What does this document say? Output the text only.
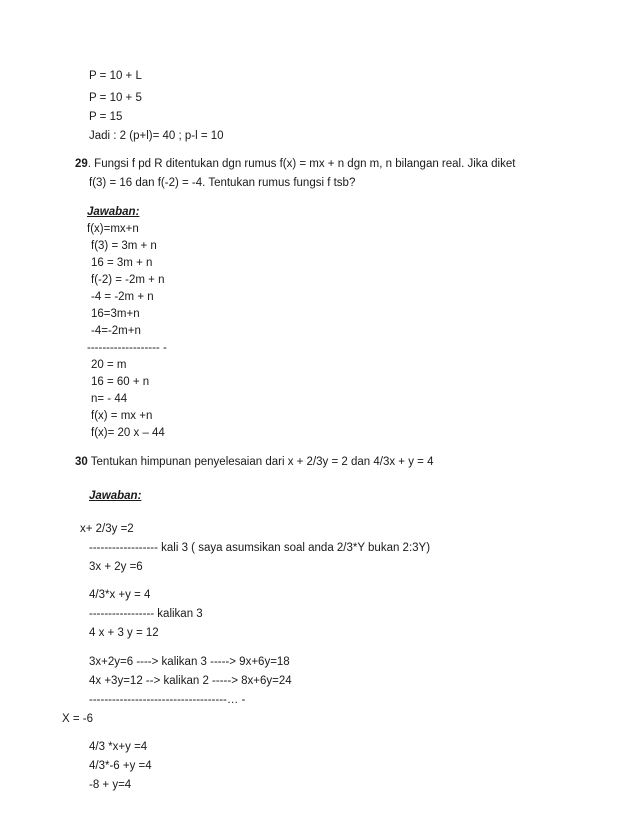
P = 10 + L
P = 10 + 5
P = 15
Jadi : 2 (p+l)= 40 ; p-l = 10
29. Fungsi f pd R ditentukan dgn rumus f(x) = mx + n dgn m, n bilangan real. Jika diket
f(3) = 16 dan f(-2) = -4. Tentukan rumus fungsi f tsb?
Jawaban:
f(x)=mx+n
f(3) = 3m + n
16 = 3m + n
f(-2) = -2m + n
-4 = -2m + n
16=3m+n
-4=-2m+n
------------------- -
20 = m
16 = 60 + n
n= - 44
f(x) = mx +n
f(x)= 20 x – 44
30 Tentukan himpunan penyelesaian dari x + 2/3y = 2 dan 4/3x + y = 4
Jawaban:
x+ 2/3y =2
------------------ kali 3 ( saya asumsikan soal anda 2/3*Y bukan 2:3Y)
3x + 2y =6
4/3*x +y = 4
----------------- kalikan 3
4 x + 3 y = 12
3x+2y=6 ----> kalikan 3 -----> 9x+6y=18
4x +3y=12 --> kalikan 2 -----> 8x+6y=24
------------------------------------… -
X = -6
4/3 *x+y =4
4/3*-6 +y =4
-8 + y=4
